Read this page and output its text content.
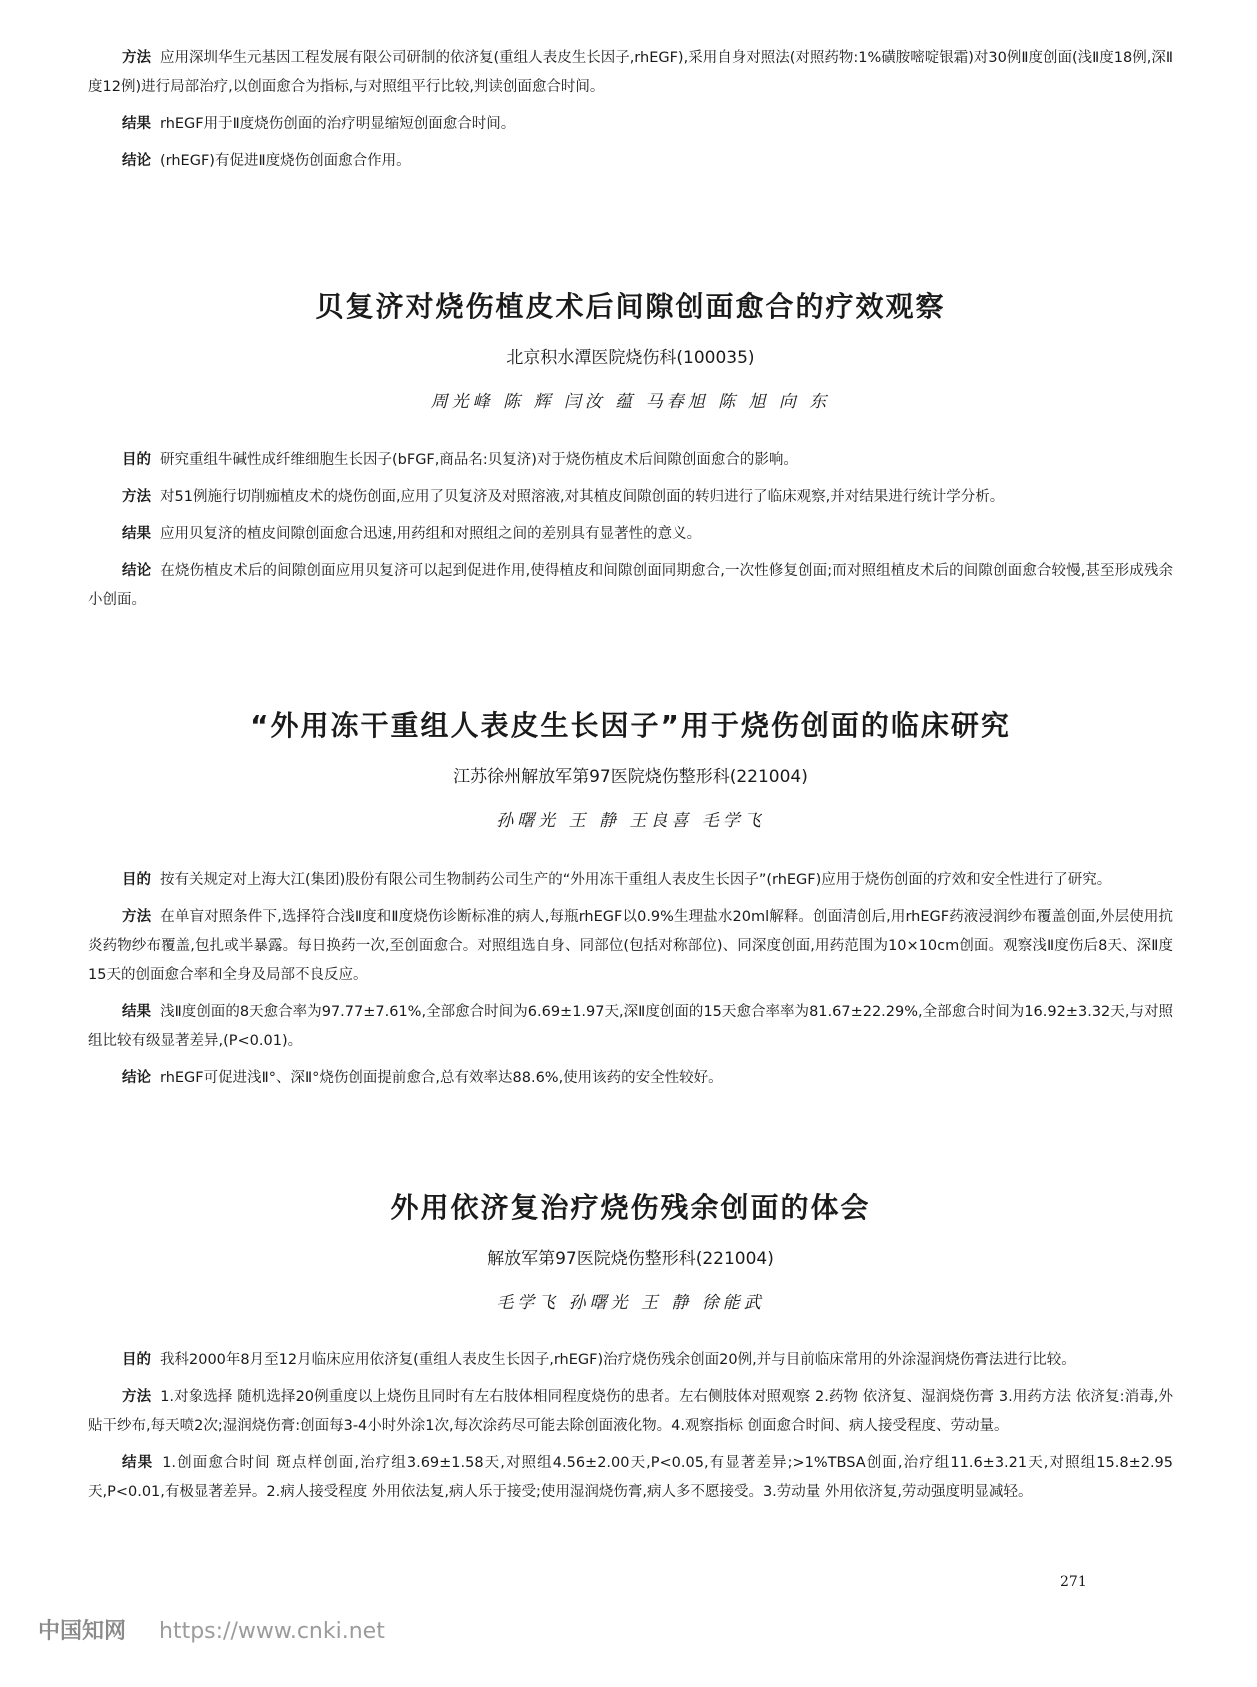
方法 应用深圳华生元基因工程发展有限公司研制的依济复(重组人表皮生长因子,rhEGF),采用自身对照法(对照药物:1%磺胺嘧啶银霜)对30例Ⅱ度创面(浅Ⅱ度18例,深Ⅱ度12例)进行局部治疗,以创面愈合为指标,与对照组平行比较,判读创面愈合时间。

结果 rhEGF用于Ⅱ度烧伤创面的治疗明显缩短创面愈合时间。

结论 (rhEGF)有促进Ⅱ度烧伤创面愈合作用。

贝复济对烧伤植皮术后间隙创面愈合的疗效观察
北京积水潭医院烧伤科(100035)
周光峰 陈 辉 闫汝 蕴 马春旭 陈 旭 向 东

目的 研究重组牛碱性成纤维细胞生长因子(bFGF,商品名:贝复济)对于烧伤植皮术后间隙创面愈合的影响。

方法 对51例施行切削痂植皮术的烧伤创面,应用了贝复济及对照溶液,对其植皮间隙创面的转归进行了临床观察,并对结果进行统计学分析。

结果 应用贝复济的植皮间隙创面愈合迅速,用药组和对照组之间的差别具有显著性的意义。

结论 在烧伤植皮术后的间隙创面应用贝复济可以起到促进作用,使得植皮和间隙创面同期愈合,一次性修复创面;而对照组植皮术后的间隙创面愈合较慢,甚至形成残余小创面。

“外用冻干重组人表皮生长因子”用于烧伤创面的临床研究
江苏徐州解放军第97医院烧伤整形科(221004)
孙曙光 王 静 王良喜 毛学飞

目的 按有关规定对上海大江(集团)股份有限公司生物制药公司生产的“外用冻干重组人表皮生长因子”(rhEGF)应用于烧伤创面的疗效和安全性进行了研究。

方法 在单盲对照条件下,选择符合浅Ⅱ度和Ⅱ度烧伤诊断标准的病人,每瓶rhEGF以0.9%生理盐水20ml解释。创面清创后,用rhEGF药液浸润纱布覆盖创面,外层使用抗炎药物纱布覆盖,包扎或半暴露。每日换药一次,至创面愈合。对照组选自身、同部位(包括对称部位)、同深度创面,用药范围为10×10cm创面。观察浅Ⅱ度伤后8天、深Ⅱ度15天的创面愈合率和全身及局部不良反应。

结果 浅Ⅱ度创面的8天愈合率为97.77±7.61%,全部愈合时间为6.69±1.97天,深Ⅱ度创面的15天愈合率率为81.67±22.29%,全部愈合时间为16.92±3.32天,与对照组比较有级显著差异,(P<0.01)。

结论 rhEGF可促进浅Ⅱ°、深Ⅱ°烧伤创面提前愈合,总有效率达88.6%,使用该药的安全性较好。

外用依济复治疗烧伤残余创面的体会
解放军第97医院烧伤整形科(221004)
毛学飞 孙曙光 王 静 徐能武

目的 我科2000年8月至12月临床应用依济复(重组人表皮生长因子,rhEGF)治疗烧伤残余创面20例,并与目前临床常用的外涂湿润烧伤膏法进行比较。

方法 1.对象选择 随机选择20例重度以上烧伤且同时有左右肢体相同程度烧伤的患者。左右侧肢体对照观察 2.药物 依济复、湿润烧伤膏 3.用药方法 依济复:消毒,外贴干纱布,每天喷2次;湿润烧伤膏:创面每3-4小时外涂1次,每次涂药尽可能去除创面液化物。4.观察指标 创面愈合时间、病人接受程度、劳动量。

结果 1.创面愈合时间 斑点样创面,治疗组3.69±1.58天,对照组4.56±2.00天,P<0.05,有显著差异;>1%TBSA创面,治疗组11.6±3.21天,对照组15.8±2.95天,P<0.01,有极显著差异。2.病人接受程度 外用依法复,病人乐于接受;使用湿润烧伤膏,病人多不愿接受。3.劳动量 外用依济复,劳动强度明显减轻。

271
中国知网 https://www.cnki.net
